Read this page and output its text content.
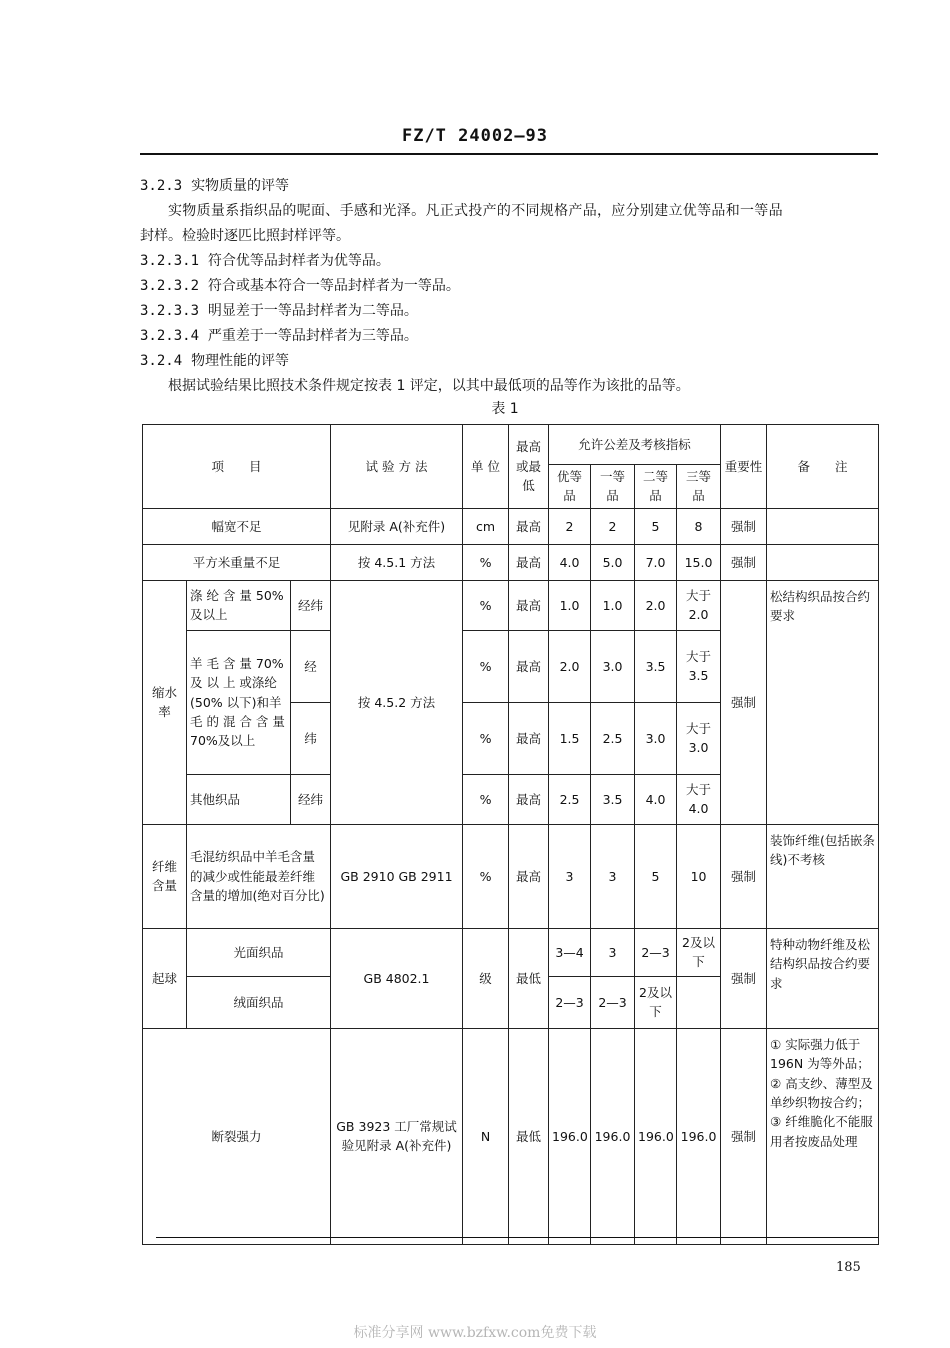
FZ/T 24002—93
3.2.3 实物质量的评等
实物质量系指织品的呢面、手感和光泽。凡正式投产的不同规格产品，应分别建立优等品和一等品
封样。检验时逐匹比照封样评等。
3.2.3.1 符合优等品封样者为优等品。
3.2.3.2 符合或基本符合一等品封样者为一等品。
3.2.3.3 明显差于一等品封样者为二等品。
3.2.3.4 严重差于一等品封样者为三等品。
3.2.4 物理性能的评等
根据试验结果比照技术条件规定按表 1 评定，以其中最低项的品等作为该批的品等。
表 1
项　　目			试 验 方 法	单 位	最高或最低	允许公差及考核指标				重要性	备　　注
						优等品	一等品	二等品	三等品		
幅宽不足			见附录 A(补充件)	cm	最高	2	2	5	8	强制	
平方米重量不足			按 4.5.1 方法	%	最高	4.0	5.0	7.0	15.0	强制	
缩水率	涤 纶 含 量 50%及以上	经纬	按 4.5.2 方法	%	最高	1.0	1.0	2.0	大于 2.0	强制	松结构织品按合约要求
	羊 毛 含 量 70%及 以 上 或涤纶(50% 以下)和羊毛 的 混 合 含 量 70%及以上	经		%	最高	2.0	3.0	3.5	大于 3.5		
		纬		%	最高	1.5	2.5	3.0	大于 3.0		
	其他织品	经纬		%	最高	2.5	3.5	4.0	大于 4.0		
纤维含量	毛混纺织品中羊毛含量的减少或性能最差纤维含量的增加(绝对百分比)		GB 2910 GB 2911	%	最高	3	3	5	10	强制	装饰纤维(包括嵌条线)不考核
起球	光面织品		GB 4802.1	级	最低	3—4	3	2—3	2及以下	强制	特种动物纤维及松结构织品按合约要求
	绒面织品					2—3	2—3	2及以下			
断裂强力			GB 3923 工厂常规试验见附录 A(补充件)	N	最低	196.0	196.0	196.0	196.0	强制	① 实际强力低于196N 为等外品；② 高支纱、薄型及单纱织物按合约；③ 纤维脆化不能服用者按废品处理
185
标准分享网 www.bzfxw.com免费下载
